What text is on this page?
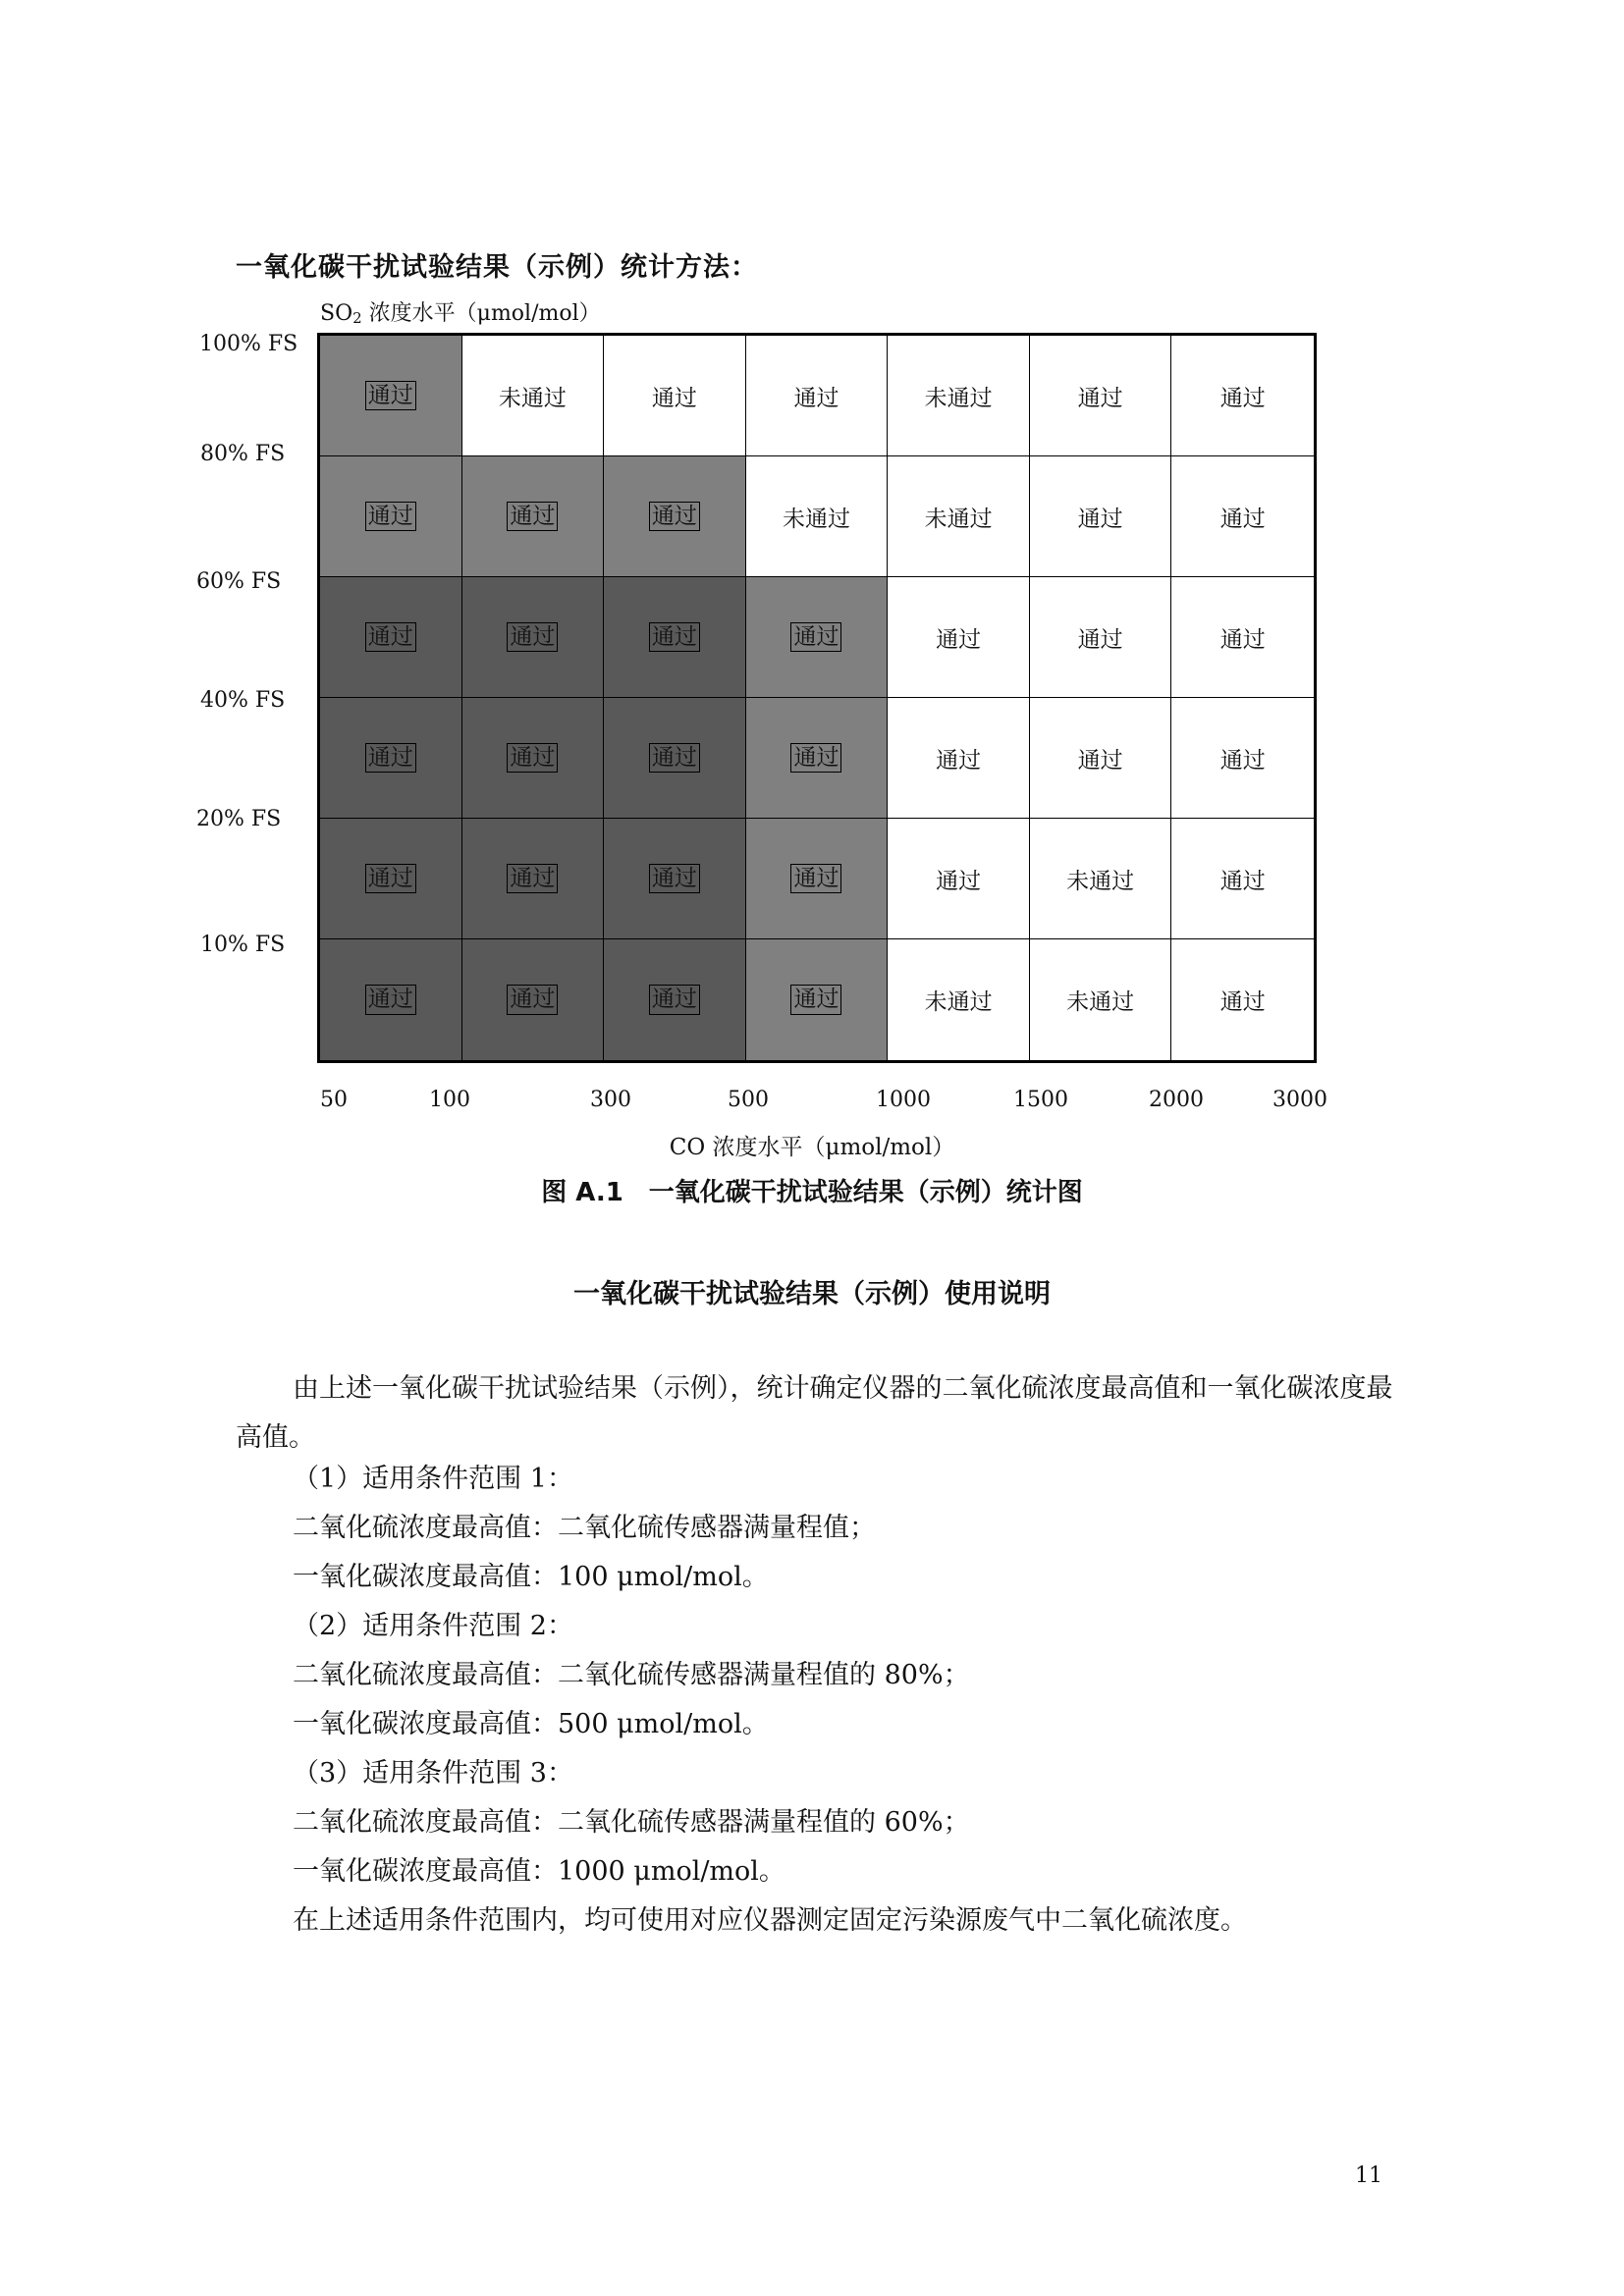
一氧化碳干扰试验结果（示例）统计方法：
$SO_2$ 浓度水平（μmol/mol）
100% FS
80% FS
60% FS
40% FS
20% FS
10% FS
通过	未通过	通过	通过	未通过	通过	通过
通过	通过	通过	未通过	未通过	通过	通过
通过	通过	通过	通过	通过	通过	通过
通过	通过	通过	通过	通过	通过	通过
通过	通过	通过	通过	通过	未通过	通过
通过	通过	通过	通过	未通过	未通过	通过
50	100	300	500	1000	1500	2000	3000
CO 浓度水平（μmol/mol）
图 A.1　一氧化碳干扰试验结果（示例）统计图
一氧化碳干扰试验结果（示例）使用说明
由上述一氧化碳干扰试验结果（示例），统计确定仪器的二氧化硫浓度最高值和一氧化碳浓度最高值。
（1）适用条件范围 1：
二氧化硫浓度最高值：二氧化硫传感器满量程值；
一氧化碳浓度最高值：100 μmol/mol。
（2）适用条件范围 2：
二氧化硫浓度最高值：二氧化硫传感器满量程值的 80%；
一氧化碳浓度最高值：500 μmol/mol。
（3）适用条件范围 3：
二氧化硫浓度最高值：二氧化硫传感器满量程值的 60%；
一氧化碳浓度最高值：1000 μmol/mol。
在上述适用条件范围内，均可使用对应仪器测定固定污染源废气中二氧化硫浓度。
11
